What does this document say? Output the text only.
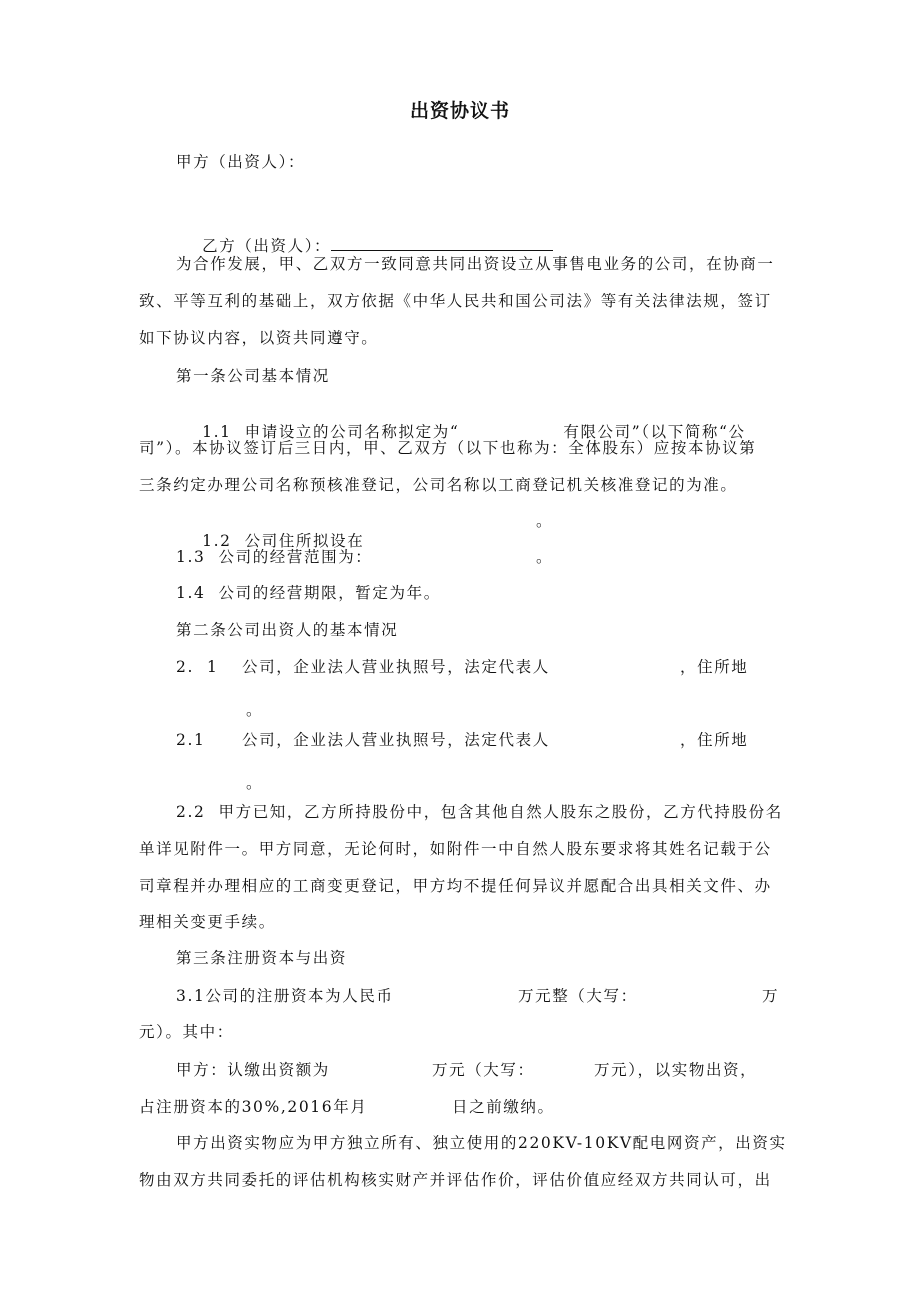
出资协议书
甲方（出资人）：

乙方（出资人）：

为合作发展，甲、乙双方一致同意共同出资设立从事售电业务的公司，在协商一
致、平等互利的基础上，双方依据《中华人民共和国公司法》等有关法律法规，签订
如下协议内容，以资共同遵守。
第一条公司基本情况

1.1  申请设立的公司名称拟定为“	有限公司”（以下简称“公

司”）。本协议签订后三日内，甲、乙双方（以下也称为：全体股东）应按本协议第
三条约定办理公司名称预核准登记，公司名称以工商登记机关核准登记的为准。

1.2  公司住所拟设在

。
1.3  公司的经营范围为：	。
1.4  公司的经营期限，暂定为年。
第二条公司出资人的基本情况
2.  1 公司，企业法人营业执照号，法定代表人	，住所地
。
2.1 公司，企业法人营业执照号，法定代表人	，住所地
。
2.2  甲方已知，乙方所持股份中，包含其他自然人股东之股份，乙方代持股份名
单详见附件一。甲方同意，无论何时，如附件一中自然人股东要求将其姓名记载于公
司章程并办理相应的工商变更登记，甲方均不提任何异议并愿配合出具相关文件、办
理相关变更手续。
第三条注册资本与出资
3.1公司的注册资本为人民币	万元整（大写：	万
元）。其中：
甲方：认缴出资额为	万元（大写：	万元），以实物出资，
占注册资本的30%,2016年月	日之前缴纳。
甲方出资实物应为甲方独立所有、独立使用的220KV-10KV配电网资产，出资实
物由双方共同委托的评估机构核实财产并评估作价，评估价值应经双方共同认可，出
